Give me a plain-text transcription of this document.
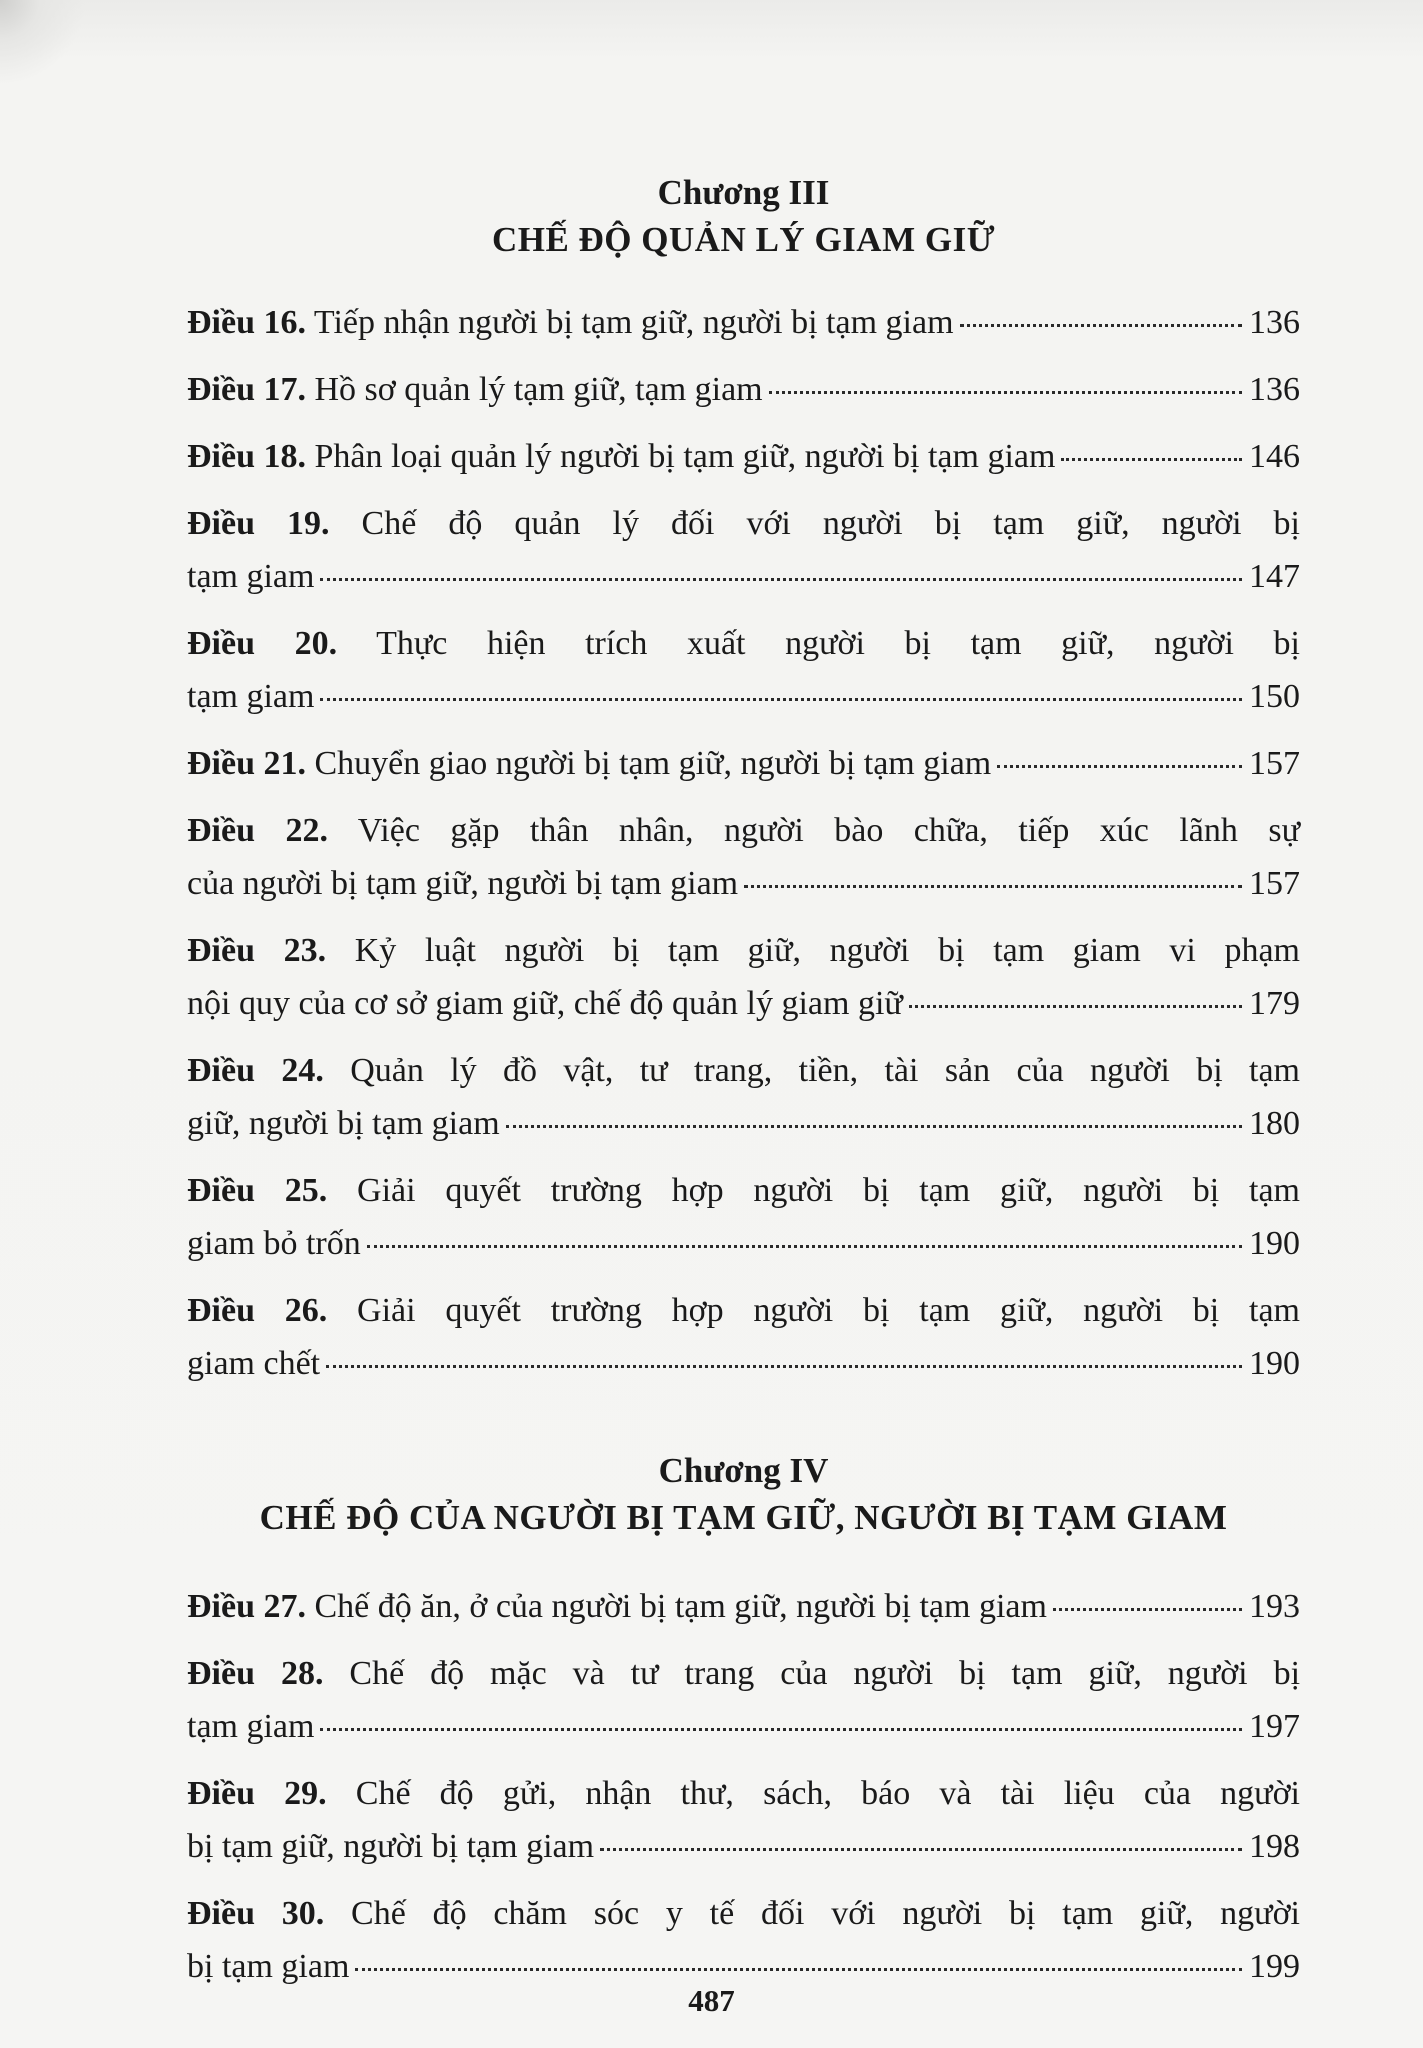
Chương III
CHẾ ĐỘ QUẢN LÝ GIAM GIỮ
Điều 16. Tiếp nhận người bị tạm giữ, người bị tạm giam	136
Điều 17. Hồ sơ quản lý tạm giữ, tạm giam	136
Điều 18. Phân loại quản lý người bị tạm giữ, người bị tạm giam	146
Điều 19. Chế độ quản lý đối với người bị tạm giữ, người bị
tạm giam	147
Điều 20. Thực hiện trích xuất người bị tạm giữ, người bị
tạm giam	150
Điều 21. Chuyển giao người bị tạm giữ, người bị tạm giam	157
Điều 22. Việc gặp thân nhân, người bào chữa, tiếp xúc lãnh sự
của người bị tạm giữ, người bị tạm giam	157
Điều 23. Kỷ luật người bị tạm giữ, người bị tạm giam vi phạm
nội quy của cơ sở giam giữ, chế độ quản lý giam giữ	179
Điều 24. Quản lý đồ vật, tư trang, tiền, tài sản của người bị tạm
giữ, người bị tạm giam	180
Điều 25. Giải quyết trường hợp người bị tạm giữ, người bị tạm
giam bỏ trốn	190
Điều 26. Giải quyết trường hợp người bị tạm giữ, người bị tạm
giam chết	190
Chương IV
CHẾ ĐỘ CỦA NGƯỜI BỊ TẠM GIỮ, NGƯỜI BỊ TẠM GIAM
Điều 27. Chế độ ăn, ở của người bị tạm giữ, người bị tạm giam	193
Điều 28. Chế độ mặc và tư trang của người bị tạm giữ, người bị
tạm giam	197
Điều 29. Chế độ gửi, nhận thư, sách, báo và tài liệu của người
bị tạm giữ, người bị tạm giam	198
Điều 30. Chế độ chăm sóc y tế đối với người bị tạm giữ, người
bị tạm giam	199
487
